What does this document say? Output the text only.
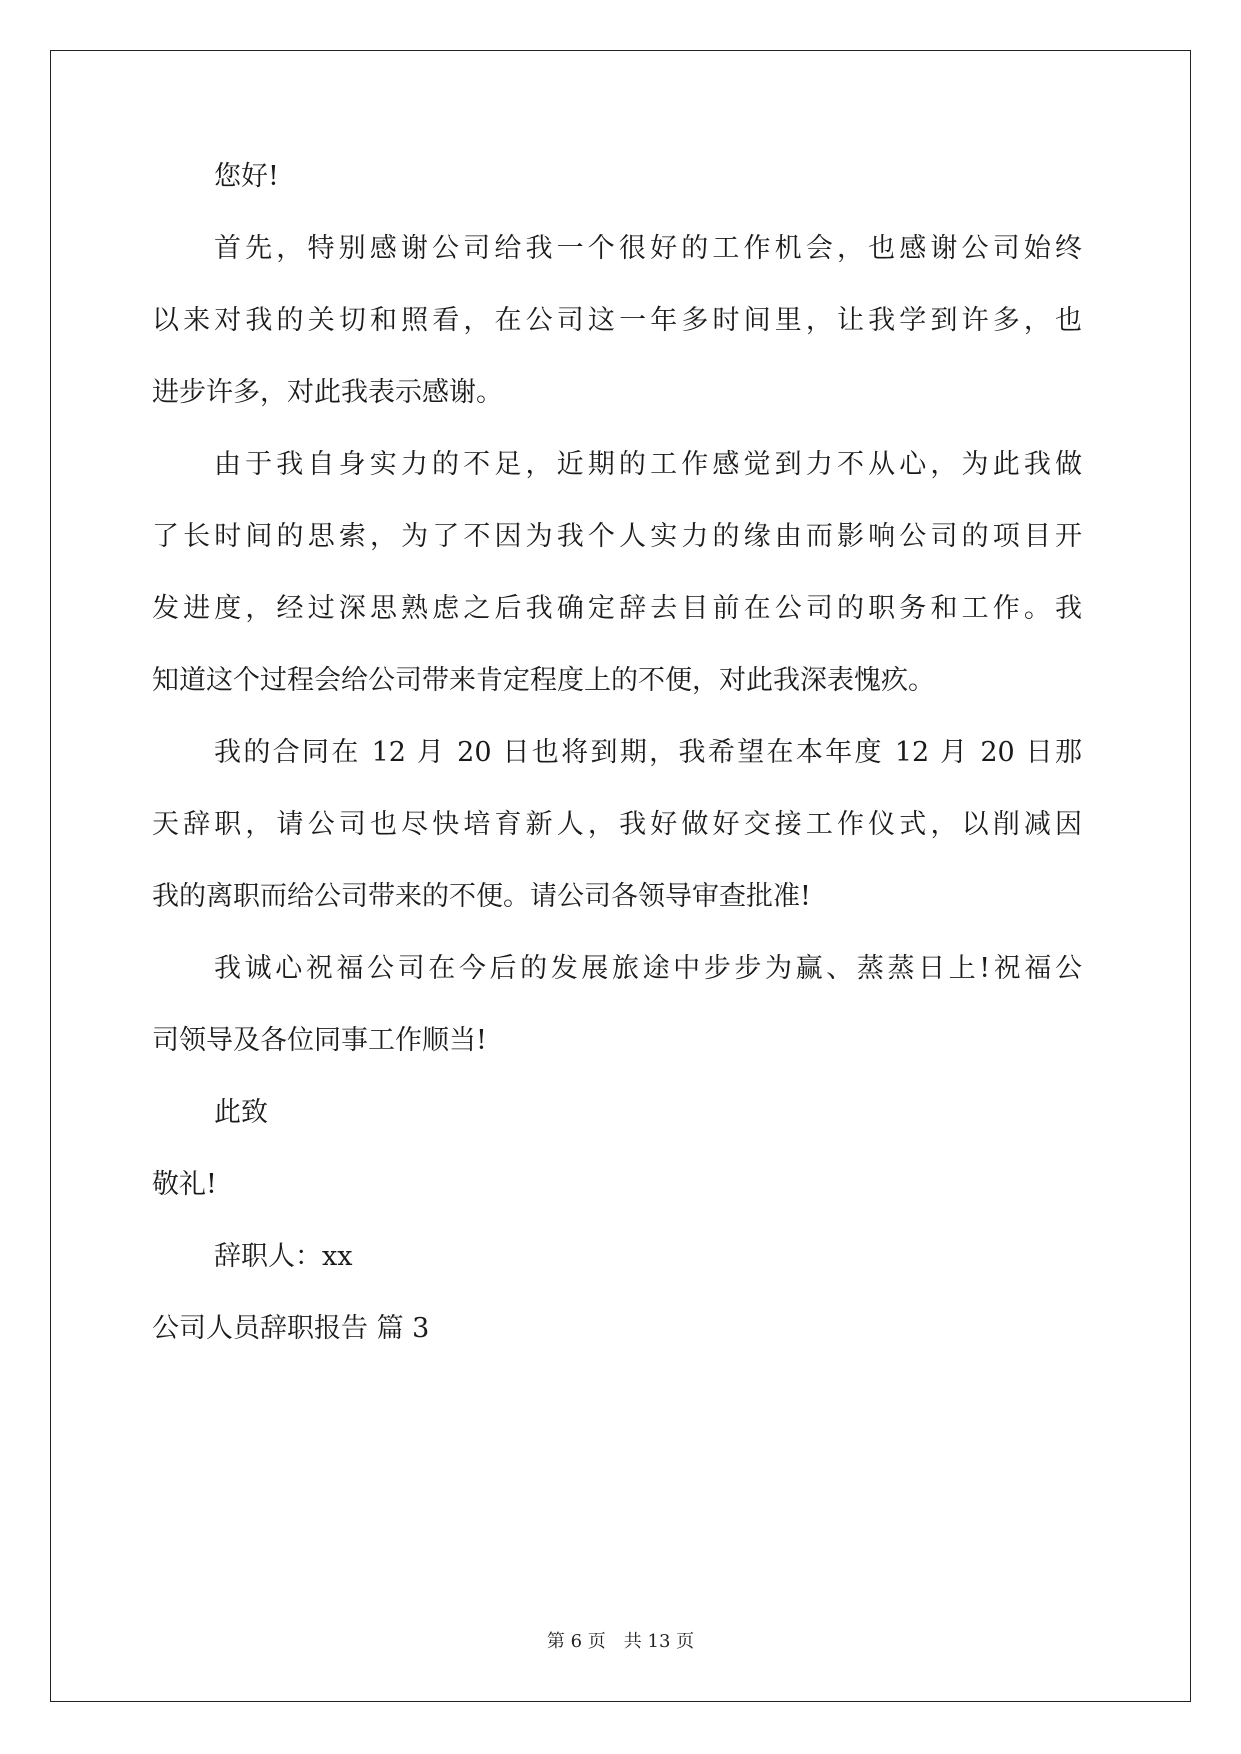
您好!
首先，特别感谢公司给我一个很好的工作机会，也感谢公司始终
以来对我的关切和照看，在公司这一年多时间里，让我学到许多，也
进步许多，对此我表示感谢。
由于我自身实力的不足，近期的工作感觉到力不从心，为此我做
了长时间的思索，为了不因为我个人实力的缘由而影响公司的项目开
发进度，经过深思熟虑之后我确定辞去目前在公司的职务和工作。我
知道这个过程会给公司带来肯定程度上的不便，对此我深表愧疚。
我的合同在 12 月 20 日也将到期，我希望在本年度 12 月 20 日那
天辞职，请公司也尽快培育新人，我好做好交接工作仪式，以削减因
我的离职而给公司带来的不便。请公司各领导审查批准!
我诚心祝福公司在今后的发展旅途中步步为赢、蒸蒸日上!祝福公
司领导及各位同事工作顺当!
此致
敬礼!
辞职人：xx
公司人员辞职报告 篇 3
第 6 页 共 13 页
